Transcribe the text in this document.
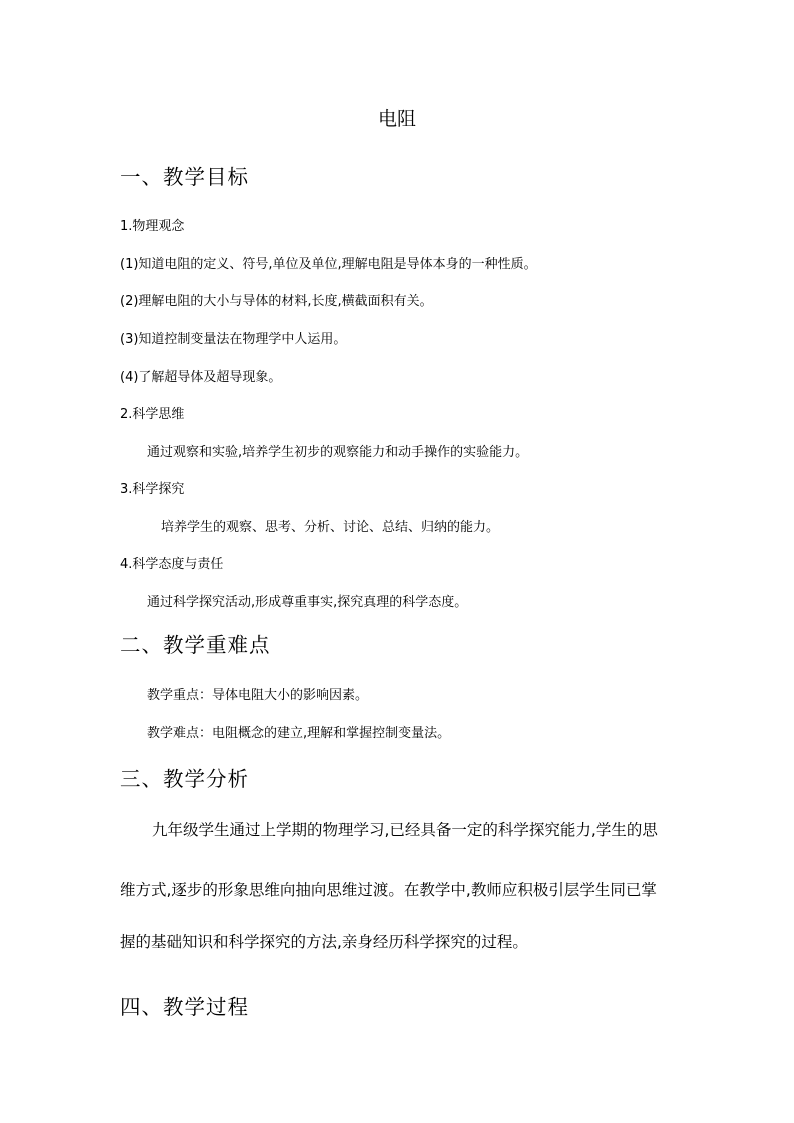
电阻
一、教学目标
1.物理观念
(1)知道电阻的定义、符号,单位及单位,理解电阻是导体本身的一种性质。
(2)理解电阻的大小与导体的材料,长度,横截面积有关。
(3)知道控制变量法在物理学中人运用。
(4)了解超导体及超导现象。
2.科学思维
通过观察和实验,培养学生初步的观察能力和动手操作的实验能力。
3.科学探究
培养学生的观察、思考、分析、讨论、总结、归纳的能力。
4.科学态度与责任
通过科学探究活动,形成尊重事实,探究真理的科学态度。
二、教学重难点
教学重点：导体电阻大小的影响因素。
教学难点：电阻概念的建立,理解和掌握控制变量法。
三、教学分析
九年级学生通过上学期的物理学习,已经具备一定的科学探究能力,学生的思
维方式,逐步的形象思维向抽向思维过渡。在教学中,教师应积极引层学生同已掌
握的基础知识和科学探究的方法,亲身经历科学探究的过程。
四、教学过程
